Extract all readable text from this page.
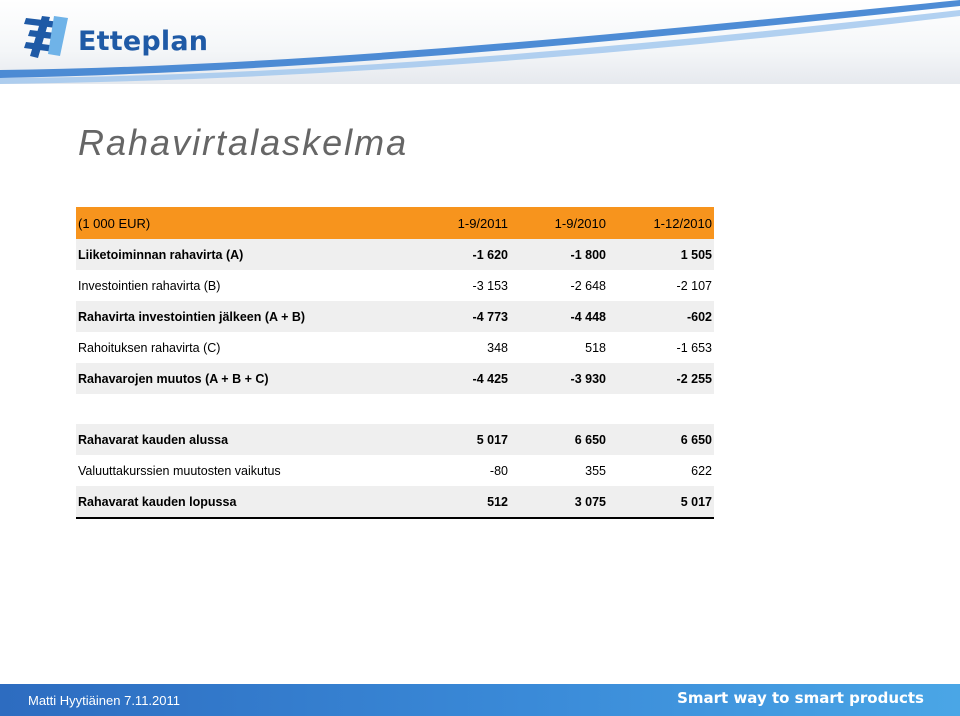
Etteplan
Rahavirtalaskelma
(1 000 EUR)	1-9/2011	1-9/2010	1-12/2010
Liiketoiminnan rahavirta (A)	-1 620	-1 800	1 505
Investointien rahavirta (B)	-3 153	-2 648	-2 107
Rahavirta investointien jälkeen (A + B)	-4 773	-4 448	-602
Rahoituksen rahavirta (C)	348	518	-1 653
Rahavarojen muutos (A + B + C)	-4 425	-3 930	-2 255

Rahavarat kauden alussa	5 017	6 650	6 650
Valuuttakurssien muutosten vaikutus	-80	355	622
Rahavarat kauden lopussa	512	3 075	5 017
Matti Hyytiäinen 7.11.2011	Smart way to smart products
